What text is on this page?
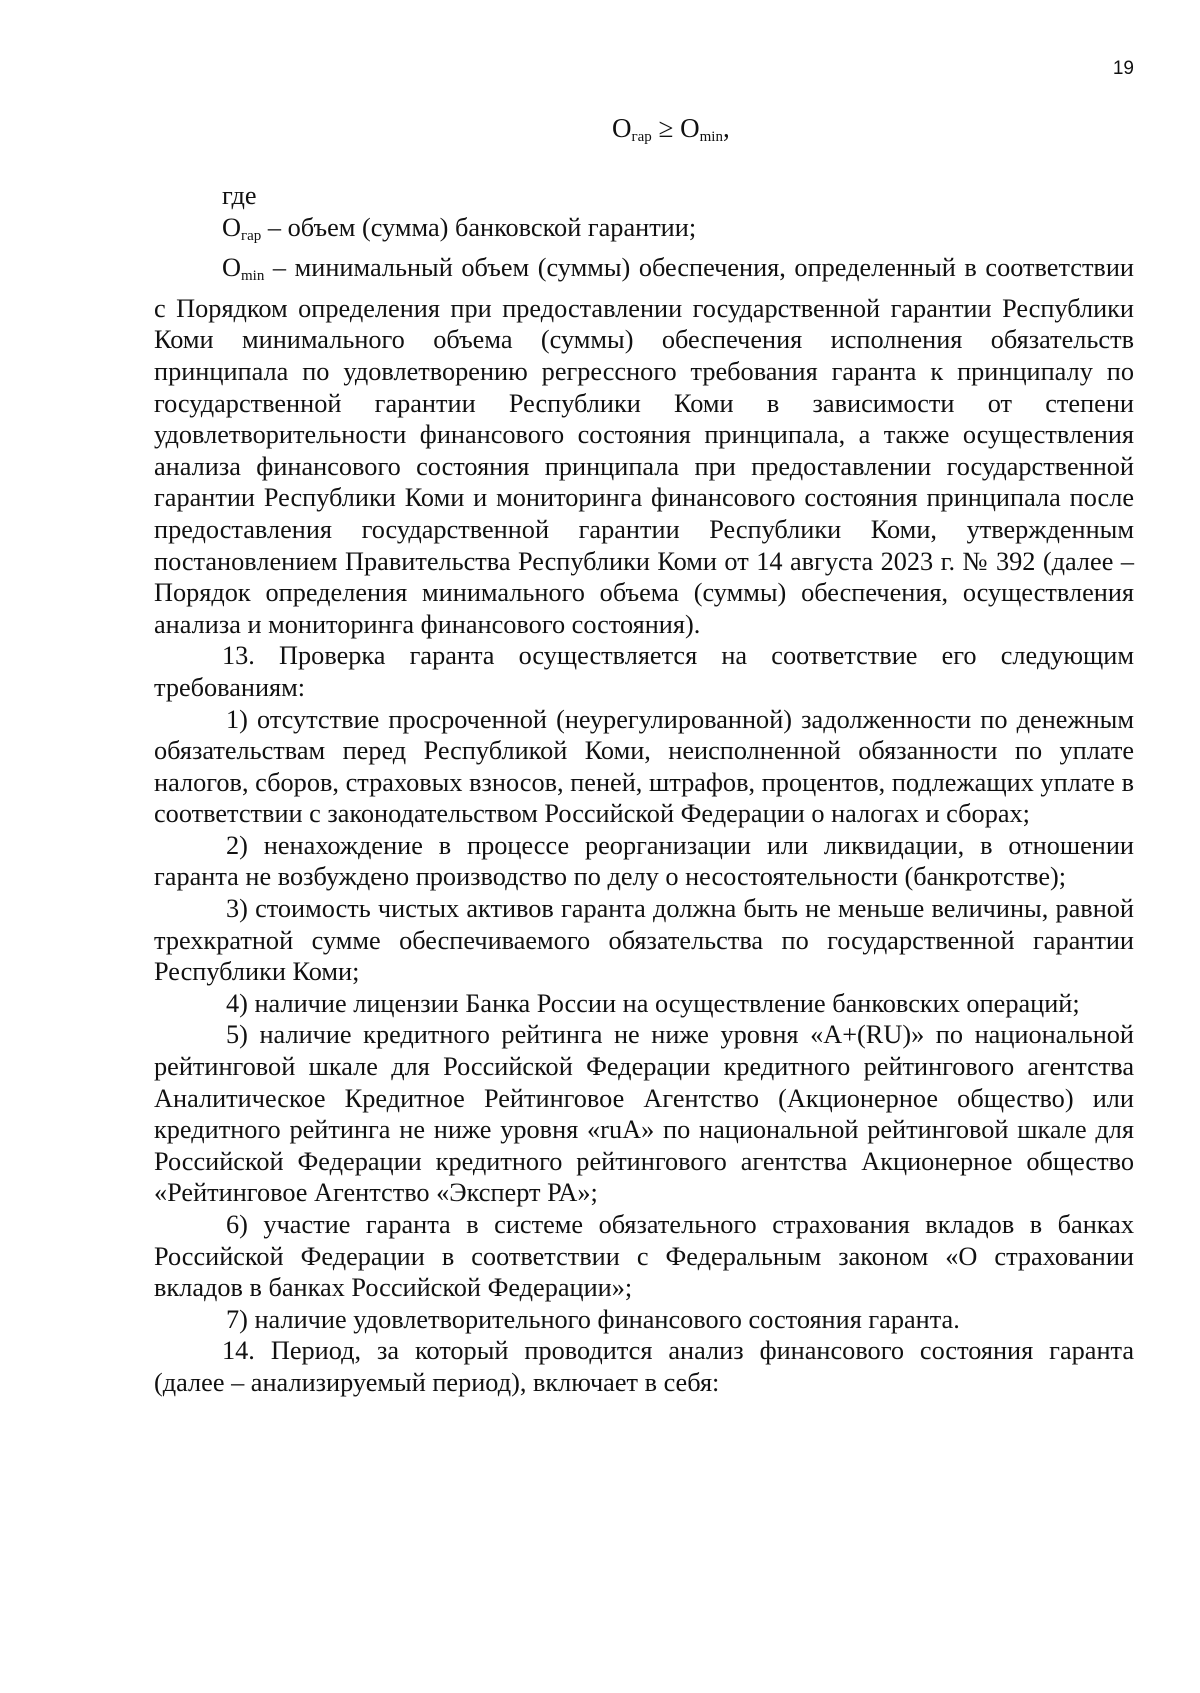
19
$O_{гар} \ge O_{min}$,

где

$O_{гар}$ – объем (сумма) банковской гарантии;

$O_{min}$ – минимальный объем (суммы) обеспечения, определенный в соответствии с Порядком определения при предоставлении государственной гарантии Республики Коми минимального объема (суммы) обеспечения исполнения обязательств принципала по удовлетворению регрессного требования гаранта к принципалу по государственной гарантии Республики Коми в зависимости от степени удовлетворительности финансового состояния принципала, а также осуществления анализа финансового состояния принципала при предоставлении государственной гарантии Республики Коми и мониторинга финансового состояния принципала после предоставления государственной гарантии Республики Коми, утвержденным постановлением Правительства Республики Коми от 14 августа 2023 г. № 392 (далее – Порядок определения минимального объема (суммы) обеспечения, осуществления анализа и мониторинга финансового состояния).

13. Проверка гаранта осуществляется на соответствие его следующим требованиям:

1) отсутствие просроченной (неурегулированной) задолженности по денежным обязательствам перед Республикой Коми, неисполненной обязанности по уплате налогов, сборов, страховых взносов, пеней, штрафов, процентов, подлежащих уплате в соответствии с законодательством Российской Федерации о налогах и сборах;

2) ненахождение в процессе реорганизации или ликвидации, в отношении гаранта не возбуждено производство по делу о несостоятельности (банкротстве);

3) стоимость чистых активов гаранта должна быть не меньше величины, равной трехкратной сумме обеспечиваемого обязательства по государственной гарантии Республики Коми;

4) наличие лицензии Банка России на осуществление банковских операций;

5) наличие кредитного рейтинга не ниже уровня «A+(RU)» по национальной рейтинговой шкале для Российской Федерации кредитного рейтингового агентства Аналитическое Кредитное Рейтинговое Агентство (Акционерное общество) или кредитного рейтинга не ниже уровня «ruA» по национальной рейтинговой шкале для Российской Федерации кредитного рейтингового агентства Акционерное общество «Рейтинговое Агентство «Эксперт РА»;

6) участие гаранта в системе обязательного страхования вкладов в банках Российской Федерации в соответствии с Федеральным законом «О страховании вкладов в банках Российской Федерации»;

7) наличие удовлетворительного финансового состояния гаранта.

14. Период, за который проводится анализ финансового состояния гаранта (далее – анализируемый период), включает в себя:
